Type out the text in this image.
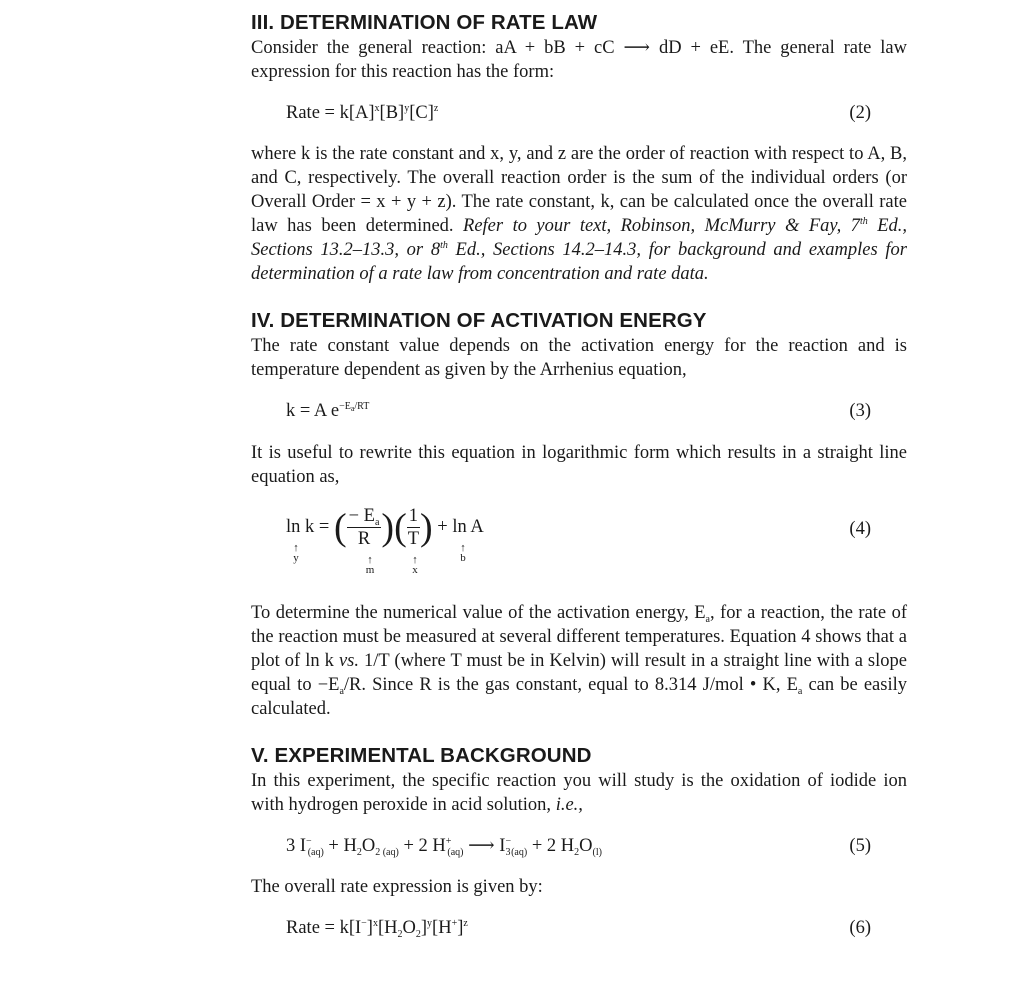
III. DETERMINATION OF RATE LAW

Consider the general reaction: aA + bB + cC ⟶ dD + eE. The general rate law expression for this reaction has the form:

Rate = $k[A]^x[B]^y[C]^z$	(2)

where k is the rate constant and x, y, and z are the order of reaction with respect to A, B, and C, respectively. The overall reaction order is the sum of the individual orders (or Overall Order = x + y + z). The rate constant, k, can be calculated once the overall rate law has been determined. Refer to your text, Robinson, McMurry & Fay, 7th Ed., Sections 13.2–13.3, or 8th Ed., Sections 14.2–14.3, for background and examples for determination of a rate law from concentration and rate data.

IV. DETERMINATION OF ACTIVATION ENERGY

The rate constant value depends on the activation energy for the reaction and is temperature dependent as given by the Arrhenius equation,

k = A $e^{-E_a/RT}$	(3)

It is useful to rewrite this equation in logarithmic form which results in a straight line equation as,

ln k = ( $\frac{- E_a}{R}$ )( $\frac{1}{T}$ ) + ln A	(4)
↑
y	↑
m
↑
x
↑
b

To determine the numerical value of the activation energy, $E_a$, for a reaction, the rate of the reaction must be measured at several different temperatures. Equation 4 shows that a plot of ln k vs. 1/T (where T must be in Kelvin) will result in a straight line with a slope equal to $-E_a/R$. Since R is the gas constant, equal to 8.314 J/mol • K, $E_a$ can be easily calculated.

V. EXPERIMENTAL BACKGROUND

In this experiment, the specific reaction you will study is the oxidation of iodide ion with hydrogen peroxide in acid solution, i.e.,

3 $I^-_{(aq)} + H_2O_{2 (aq)} + 2$ $H^+_{(aq)}$ ⟶ $I_3^-_{(aq)} + 2$ $H_2O_{(l)}$	(5)

The overall rate expression is given by:

Rate = $k[I^-]^x[H_2O_2]^y[H^+]^z$	(6)
